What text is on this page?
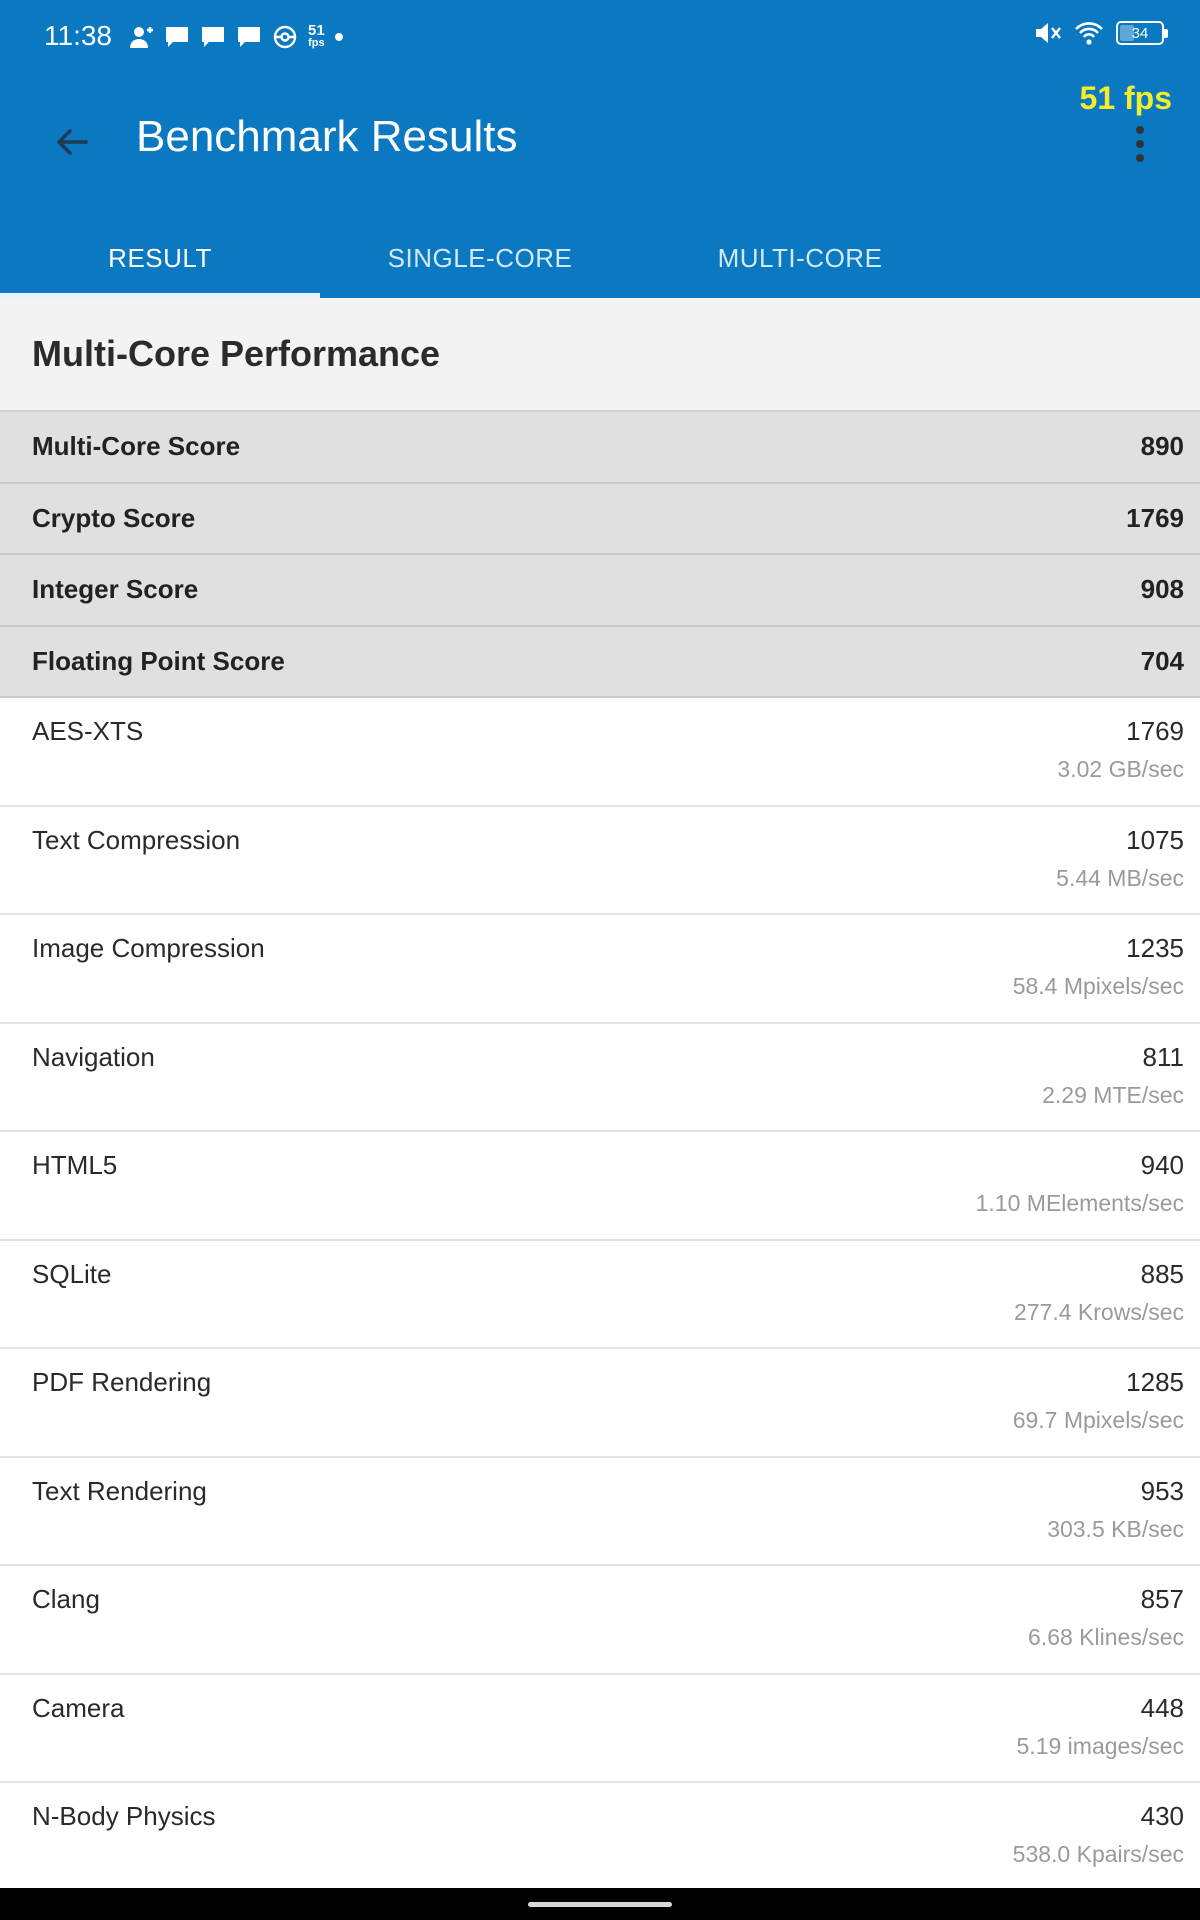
11:38	51
fps
34
Benchmark Results
51 fps
RESULT	SINGLE-CORE	MULTI-CORE
Multi-Core Performance
Multi-Core Score	890
Crypto Score	1769
Integer Score	908
Floating Point Score	704
AES-XTS	1769
3.02 GB/sec
Text Compression	1075
5.44 MB/sec
Image Compression	1235
58.4 Mpixels/sec
Navigation	811
2.29 MTE/sec
HTML5	940
1.10 MElements/sec
SQLite	885
277.4 Krows/sec
PDF Rendering	1285
69.7 Mpixels/sec
Text Rendering	953
303.5 KB/sec
Clang	857
6.68 Klines/sec
Camera	448
5.19 images/sec
N-Body Physics	430
538.0 Kpairs/sec
